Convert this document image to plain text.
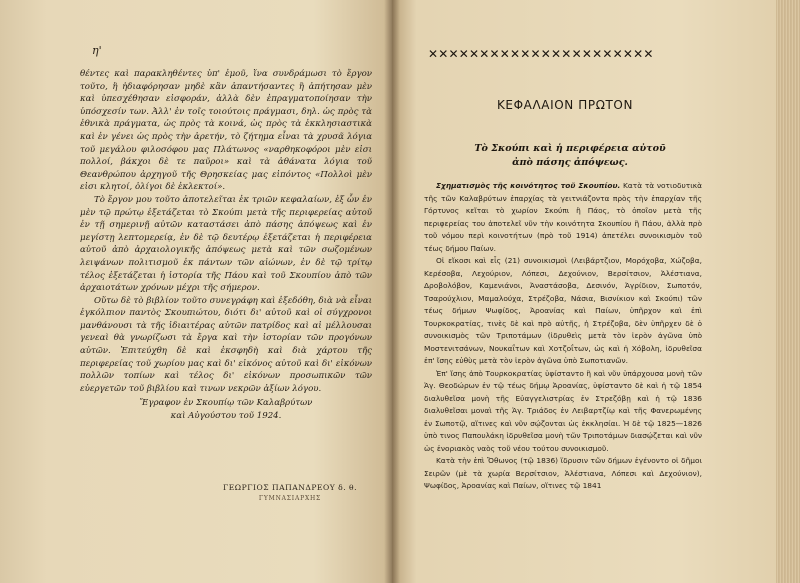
η'

θέντες καὶ παρακληθέντες ὑπ' ἐμοῦ, ἵνα συνδράμωσι τὸ ἔργον τοῦτο, ἢ ἠδιαφόρησαν μηδὲ κἂν ἀπαντήσαντες ἢ ἀπήτησαν μὲν καὶ ὑπεσχέθησαν εἰσφοράν, ἀλλὰ δὲν ἐπραγματοποίησαν τὴν ὑπόσχεσίν των. Ἀλλ' ἐν τοῖς τοιούτοις πράγμασι, δηλ. ὡς πρὸς τὰ ἐθνικὰ πράγματα, ὡς πρὸς τὰ κοινά, ὡς πρὸς τὰ ἐκκλησιαστικὰ καὶ ἐν γένει ὡς πρὸς τὴν ἀρετήν, τὸ ζήτημα εἶναι τὰ χρυσᾶ λόγια τοῦ μεγάλου φιλοσόφου μας Πλάτωνος «ναρθηκοφόροι μὲν εἰσι πολλοί, βάκχοι δὲ τε παῦροι» καὶ τὰ ἀθάνατα λόγια τοῦ Θεανθρώπου ἀρχηγοῦ τῆς Θρησκείας μας εἰπόντος «Πολλοὶ μὲν εἰσι κλητοί, ὀλίγοι δὲ ἐκλεκτοί».

Τὸ ἔργον μου τοῦτο ἀποτελεῖται ἐκ τριῶν κεφαλαίων, ἐξ ὧν ἐν μὲν τῷ πρώτῳ ἐξετάζεται τὸ Σκούπι μετὰ τῆς περιφερείας αὐτοῦ ἐν τῇ σημερινῇ αὐτῶν καταστάσει ἀπὸ πάσης ἀπόψεως καὶ ἐν μεγίστῃ λεπτομερείᾳ, ἐν δὲ τῷ δευτέρῳ ἐξετάζεται ἡ περιφέρεια αὐτοῦ ἀπὸ ἀρχαιολογικῆς ἀπόψεως μετὰ καὶ τῶν σωζομένων λειψάνων πολιτισμοῦ ἐκ πάντων τῶν αἰώνων, ἐν δὲ τῷ τρίτῳ τέλος ἐξετάζεται ἡ ἱστορία τῆς Πάου καὶ τοῦ Σκουπίου ἀπὸ τῶν ἀρχαιοτάτων χρόνων μέχρι τῆς σήμερον.

Οὕτω δὲ τὸ βιβλίον τοῦτο συνεγράφη καὶ ἐξεδόθη, διὰ νὰ εἶναι ἐγκόλπιον παντὸς Σκουπιώτου, διότι δι' αὐτοῦ καὶ οἱ σύγχρονοι μανθάνουσι τὰ τῆς ἰδιαιτέρας αὐτῶν πατρίδος καὶ αἱ μέλλουσαι γενεαὶ θὰ γνωρίζωσι τὰ ἔργα καὶ τὴν ἱστορίαν τῶν προγόνων αὐτῶν. Ἐπιτεύχθη δὲ καὶ ἐκσφηδὴ καὶ διὰ χάρτου τῆς περιφερείας τοῦ χωρίου μας καὶ δι' εἰκόνος αὐτοῦ καὶ δι' εἰκόνων πολλῶν τοπίων καὶ τέλος δι' εἰκόνων προσωπικῶν τῶν εὐεργετῶν τοῦ βιβλίου καὶ τινων νεκρῶν ἀξίων λόγου.

Ἔγραφον ἐν Σκουπίῳ τῶν Καλαβρύτων
καὶ Αὐγούστου τοῦ 1924.
ΓΕΩΡΓΙΟΣ ΠΑΠΑΝΔΡΕΟΥ δ. θ.
ΓΥΜΝΑΣΙΑΡΧΗΣ
✕✕✕✕✕✕✕✕✕✕✕✕✕✕✕✕✕✕✕✕✕✕
ΚΕΦΑΛΑΙΟΝ ΠΡΩΤΟΝ
Τὸ Σκούπι καὶ ἡ περιφέρεια αὐτοῦ
ἀπὸ πάσης ἀπόψεως.

Σχηματισμὸς τῆς κοινότητος τοῦ Σκουπίου. Κατὰ τὰ νοτιοδυτικὰ τῆς τῶν Καλαβρύτων ἐπαρχίας τὰ γειτνιάζοντα πρὸς τὴν ἐπαρχίαν τῆς Γόρτυνος κεῖται τὸ χωρίον Σκούπι ἢ Πάος, τὸ ὁποῖον μετὰ τῆς περιφερείας του ἀποτελεῖ νῦν τὴν κοινότητα Σκουπίου ἢ Πάου, ἀλλὰ πρὸ τοῦ νόμου περὶ κοινοτήτων (πρὸ τοῦ 1914) ἀπετέλει συνοικισμὸν τοῦ τέως δήμου Παίων.

Οἱ εἴκοσι καὶ εἷς (21) συνοικισμοὶ (Λειβάρτζιον, Μορόχοβα, Χώζοβα, Κερέσοβα, Λεχούριον, Λόπεσι, Δεχούνιον, Βερσίτσιον, Ἀλέστιανα, Δροβολόβον, Καμενιάνοι, Ἀναστάσοβα, Δεσινόν, Ἀγρίδιον, Σωποτόν, Τσαρούχλιον, Μαμαλούχα, Στρέζοβα, Νάσια, Βισνίκιον καὶ Σκούπι) τῶν τέως δήμων Ψωφίδος, Ἀροανίας καὶ Παίων, ὑπῆρχον καὶ ἐπὶ Τουρκοκρατίας, τινὲς δὲ καὶ πρὸ αὐτῆς, ἡ Στρέζοβα, δὲν ὑπῆρχεν δὲ ὁ συνοικισμὸς τῶν Τριποτάμων (ἱδρυθεὶς μετὰ τὸν ἱερὸν ἀγῶνα ὑπὸ Μοστενιτσάνων, Νουκαΐτων καὶ Χοτζοΐτων, ὡς καὶ ἡ Χόβολη, ἱδρυθεῖσα ἐπ' ἴσης εὐθὺς μετὰ τὸν ἱερὸν ἀγῶνα ὑπὸ Σωποτιανῶν.

Ἐπ' ἴσης ἀπὸ Τουρκοκρατίας ὑφίσταντο ἢ καὶ νῦν ὑπάρχουσα μονὴ τῶν Ἁγ. Θεοδώρων ἐν τῷ τέως δήμῳ Ἀροανίας, ὑφίσταντο δὲ καὶ ἡ τῷ 1854 διαλυθεῖσα μονὴ τῆς Εὐαγγελιστρίας ἐν Στρεζόβῃ καὶ ἡ τῷ 1836 διαλυθεῖσαι μοναὶ τῆς Ἁγ. Τριάδος ἐν Λειβαρτζίῳ καὶ τῆς Φανερωμένης ἐν Σωποτῷ, αἵτινες καὶ νῦν σῴζονται ὡς ἐκκλησίαι. Ἡ δὲ τῷ 1825—1826 ὑπὸ τινος Παπουλάκη ἱδρυθεῖσα μονὴ τῶν Τριποτάμων διασῴζεται καὶ νῦν ὡς ἐνοριακὸς ναὸς τοῦ νέου τούτου συνοικισμοῦ.

Κατὰ τὴν ἐπὶ Ὄθωνος (τῷ 1836) ἵδρυσιν τῶν δήμων ἐγένοντο οἱ δῆμοι Σειρῶν (μὲ τὰ χωρία Βερσίτσιον, Ἀλέστιανα, Λόπεσι καὶ Δεχούνιον), Ψωφίδος, Ἀροανίας καὶ Παίων, οἵτινες τῷ 1841
